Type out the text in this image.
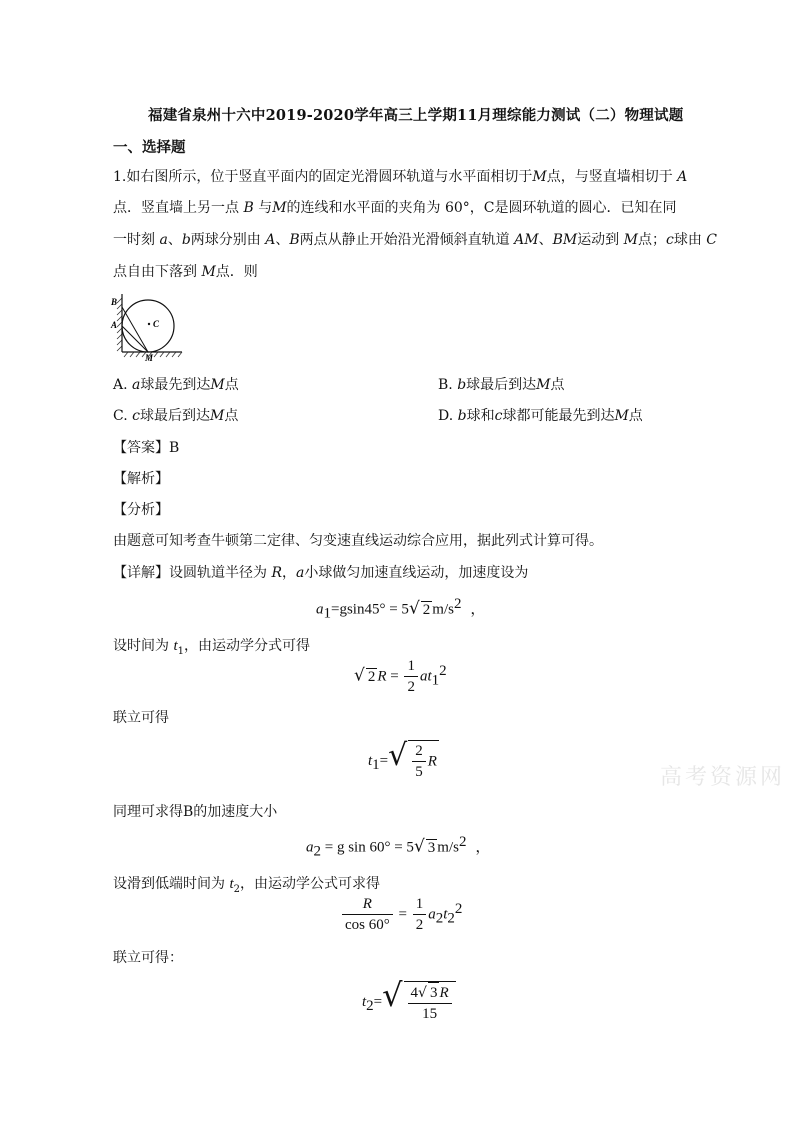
福建省泉州十六中2019-2020学年高三上学期11月理综能力测试（二）物理试题
一、选择题
1.如右图所示，位于竖直平面内的固定光滑圆环轨道与水平面相切于M点，与竖直墙相切于 A
点．竖直墙上另一点 B 与M的连线和水平面的夹角为 60°，C是圆环轨道的圆心．已知在同
一时刻 a、b两球分别由 A、B两点从静止开始沿光滑倾斜直轨道 AM、BM运动到 M点；c球由 C
点自由下落到 M点．则
B
A	C
M
A. a球最先到达M点	B. b球最后到达M点
C. c球最后到达M点	D. b球和c球都可能最先到达M点
【答案】B
【解析】
【分析】
由题意可知考查牛顿第二定律、匀变速直线运动综合应用，据此列式计算可得。
【详解】设圆轨道半径为 R，a小球做匀加速直线运动，加速度设为
$a_1=gsin45^\circ = 5√$ 2 $m/s^2$ ，
设时间为 $t_1$，由运动学分式可得
√ 2 $R = \frac{1}{2} at_1^2$
联立可得
$t_1=√ \frac{2}{5}$ R
同理可求得B的加速度大小
$a_2 = g$ sin 60° = 5√ 3 $m/s^2$ ，
设滑到低端时间为 $t_2$，由运动学公式可求得
$\frac{R}{\cos 60^\circ} = \frac{1}{2} a_2t_2^2$
联立可得：
$t_2=√ \frac{4√ 3 R}{15}$
高考资源网
